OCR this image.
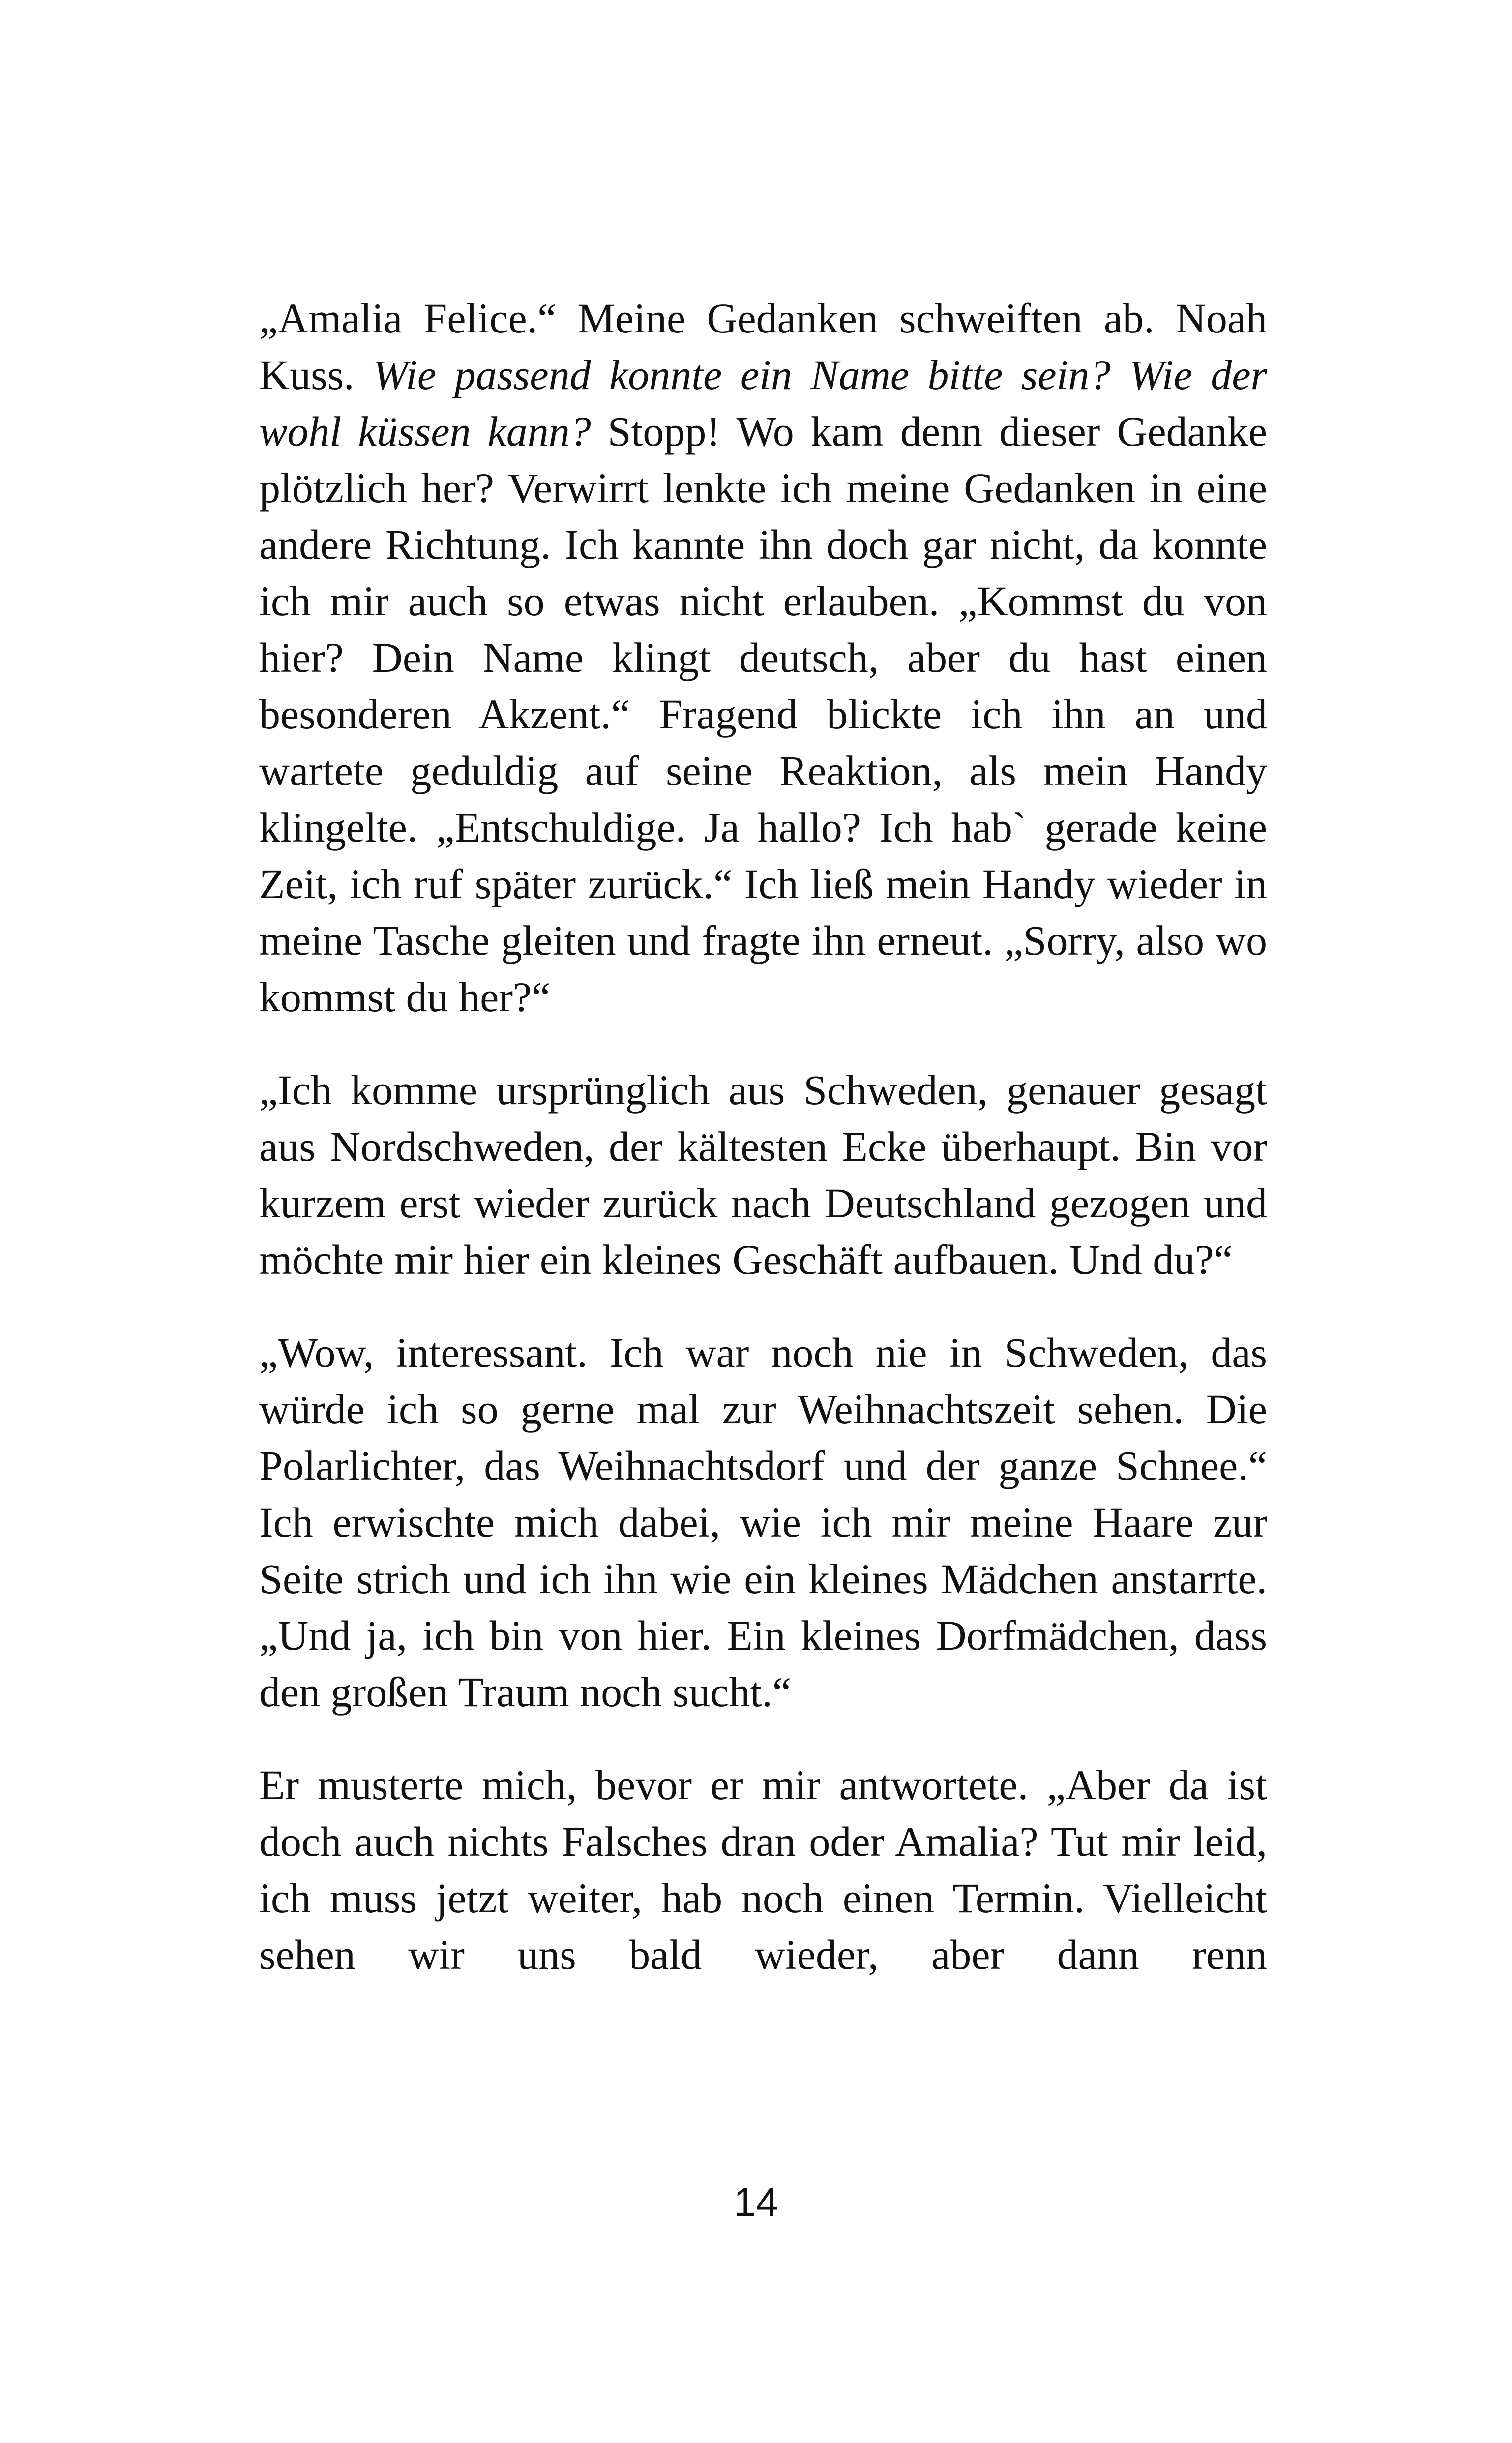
„Amalia Felice.“ Meine Gedanken schweiften ab. Noah Kuss. Wie passend konnte ein Name bitte sein? Wie der wohl küssen kann? Stopp! Wo kam denn dieser Gedanke plötzlich her? Verwirrt lenkte ich meine Gedanken in eine andere Richtung. Ich kannte ihn doch gar nicht, da konnte ich mir auch so etwas nicht erlauben. „Kommst du von hier? Dein Name klingt deutsch, aber du hast einen besonderen Akzent.“ Fragend blickte ich ihn an und wartete geduldig auf seine Reaktion, als mein Handy klingelte. „Entschuldige. Ja hallo? Ich hab` gerade keine Zeit, ich ruf später zurück.“ Ich ließ mein Handy wieder in meine Tasche gleiten und fragte ihn erneut. „Sorry, also wo kommst du her?“

„Ich komme ursprünglich aus Schweden, genauer gesagt aus Nordschweden, der kältesten Ecke überhaupt. Bin vor kurzem erst wieder zurück nach Deutschland gezogen und möchte mir hier ein kleines Geschäft aufbauen. Und du?“

„Wow, interessant. Ich war noch nie in Schweden, das würde ich so gerne mal zur Weihnachtszeit sehen. Die Polarlichter, das Weihnachtsdorf und der ganze Schnee.“ Ich erwischte mich dabei, wie ich mir meine Haare zur Seite strich und ich ihn wie ein kleines Mädchen anstarrte. „Und ja, ich bin von hier. Ein kleines Dorfmädchen, dass den großen Traum noch sucht.“

Er musterte mich, bevor er mir antwortete. „Aber da ist doch auch nichts Falsches dran oder Amalia? Tut mir leid, ich muss jetzt weiter, hab noch einen Termin. Vielleicht sehen wir uns bald wieder, aber dann renn

14
